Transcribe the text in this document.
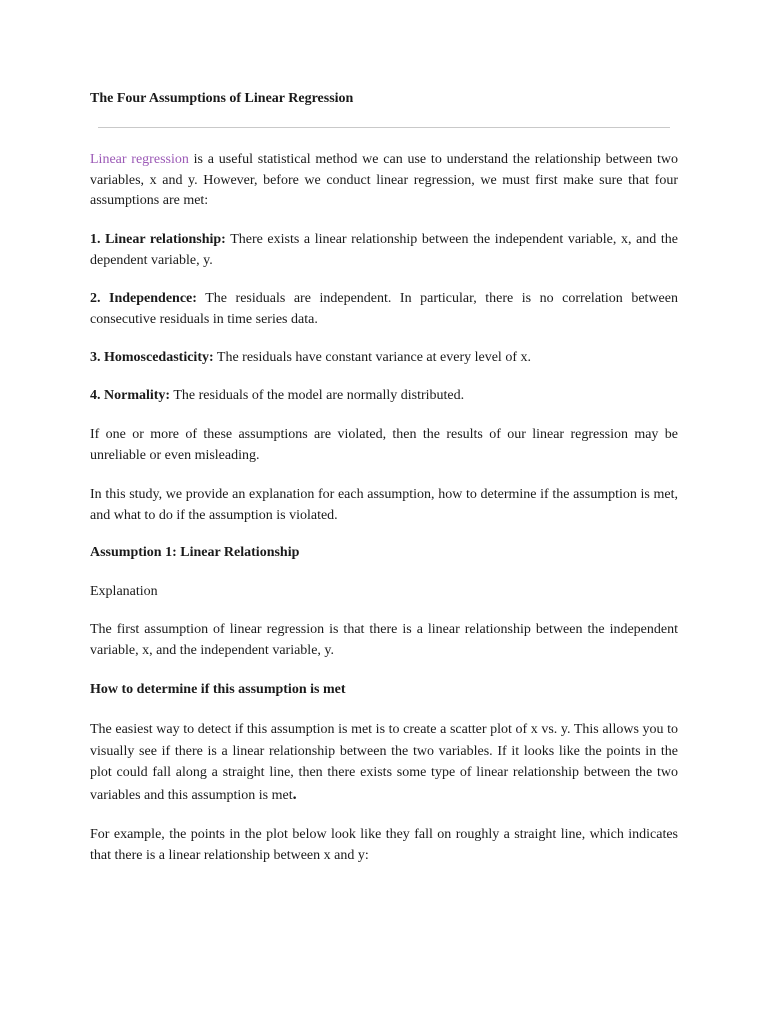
The Four Assumptions of Linear Regression

Linear regression is a useful statistical method we can use to understand the relationship between two variables, x and y. However, before we conduct linear regression, we must first make sure that four assumptions are met:

1. Linear relationship: There exists a linear relationship between the independent variable, x, and the dependent variable, y.

2. Independence: The residuals are independent. In particular, there is no correlation between consecutive residuals in time series data.

3. Homoscedasticity: The residuals have constant variance at every level of x.

4. Normality: The residuals of the model are normally distributed.

If one or more of these assumptions are violated, then the results of our linear regression may be unreliable or even misleading.

In this study, we provide an explanation for each assumption, how to determine if the assumption is met, and what to do if the assumption is violated.

Assumption 1: Linear Relationship
Explanation

The first assumption of linear regression is that there is a linear relationship between the independent variable, x, and the independent variable, y.

How to determine if this assumption is met

The easiest way to detect if this assumption is met is to create a scatter plot of x vs. y. This allows you to visually see if there is a linear relationship between the two variables. If it looks like the points in the plot could fall along a straight line, then there exists some type of linear relationship between the two variables and this assumption is met.

For example, the points in the plot below look like they fall on roughly a straight line, which indicates that there is a linear relationship between x and y:
